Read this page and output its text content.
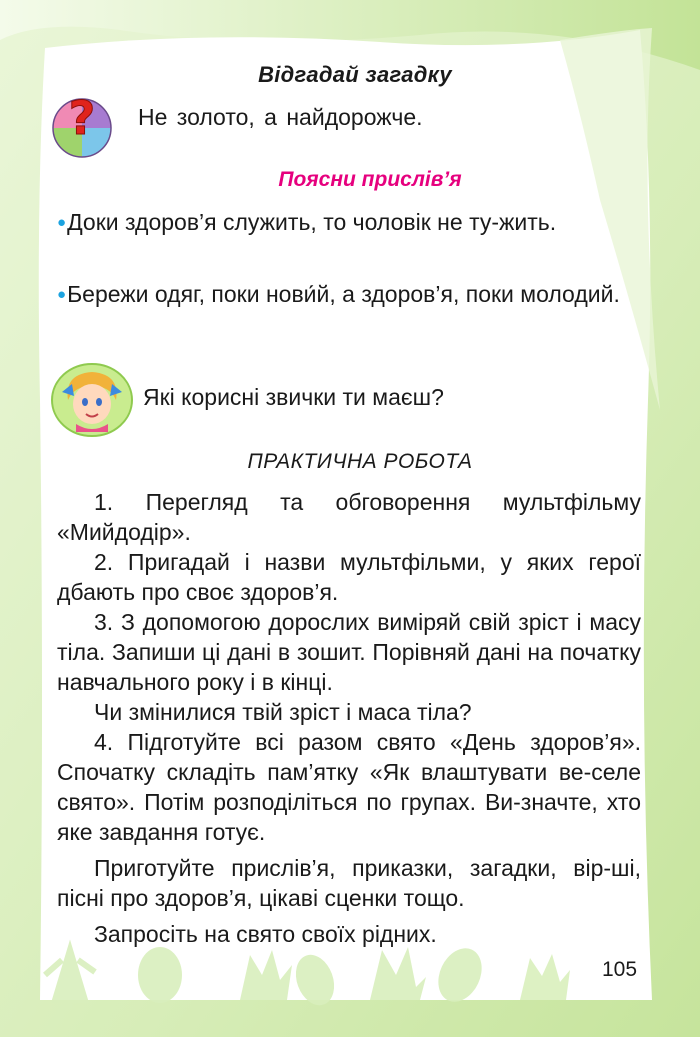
Відгадай загадку
? Не золото, а найдорожче.
Поясни прислів’я
●Доки здоров’я служить, то чоловік не ту-жить.
●Бережи одяг, поки нови́й, а здоров’я, поки молодий.
Які корисні звички ти маєш?
ПРАКТИЧНА РОБОТА

1. Перегляд та обговорення мультфільму «Мийдодір».

2. Пригадай і назви мультфільми, у яких герої дбають про своє здоров’я.

3. З допомогою дорослих виміряй свій зріст і масу тіла. Запиши ці дані в зошит. Порівняй дані на початку навчального року і в кінці.

Чи змінилися твій зріст і маса тіла?

4. Підготуйте всі разом свято «День здоров’я». Спочатку складіть пам’ятку «Як влаштувати ве-селе свято». Потім розподіліться по групах. Ви-значте, хто яке завдання готує.

Приготуйте прислів’я, приказки, загадки, вір-ші, пісні про здоров’я, цікаві сценки тощо.

Запросіть на свято своїх рідних.

105
